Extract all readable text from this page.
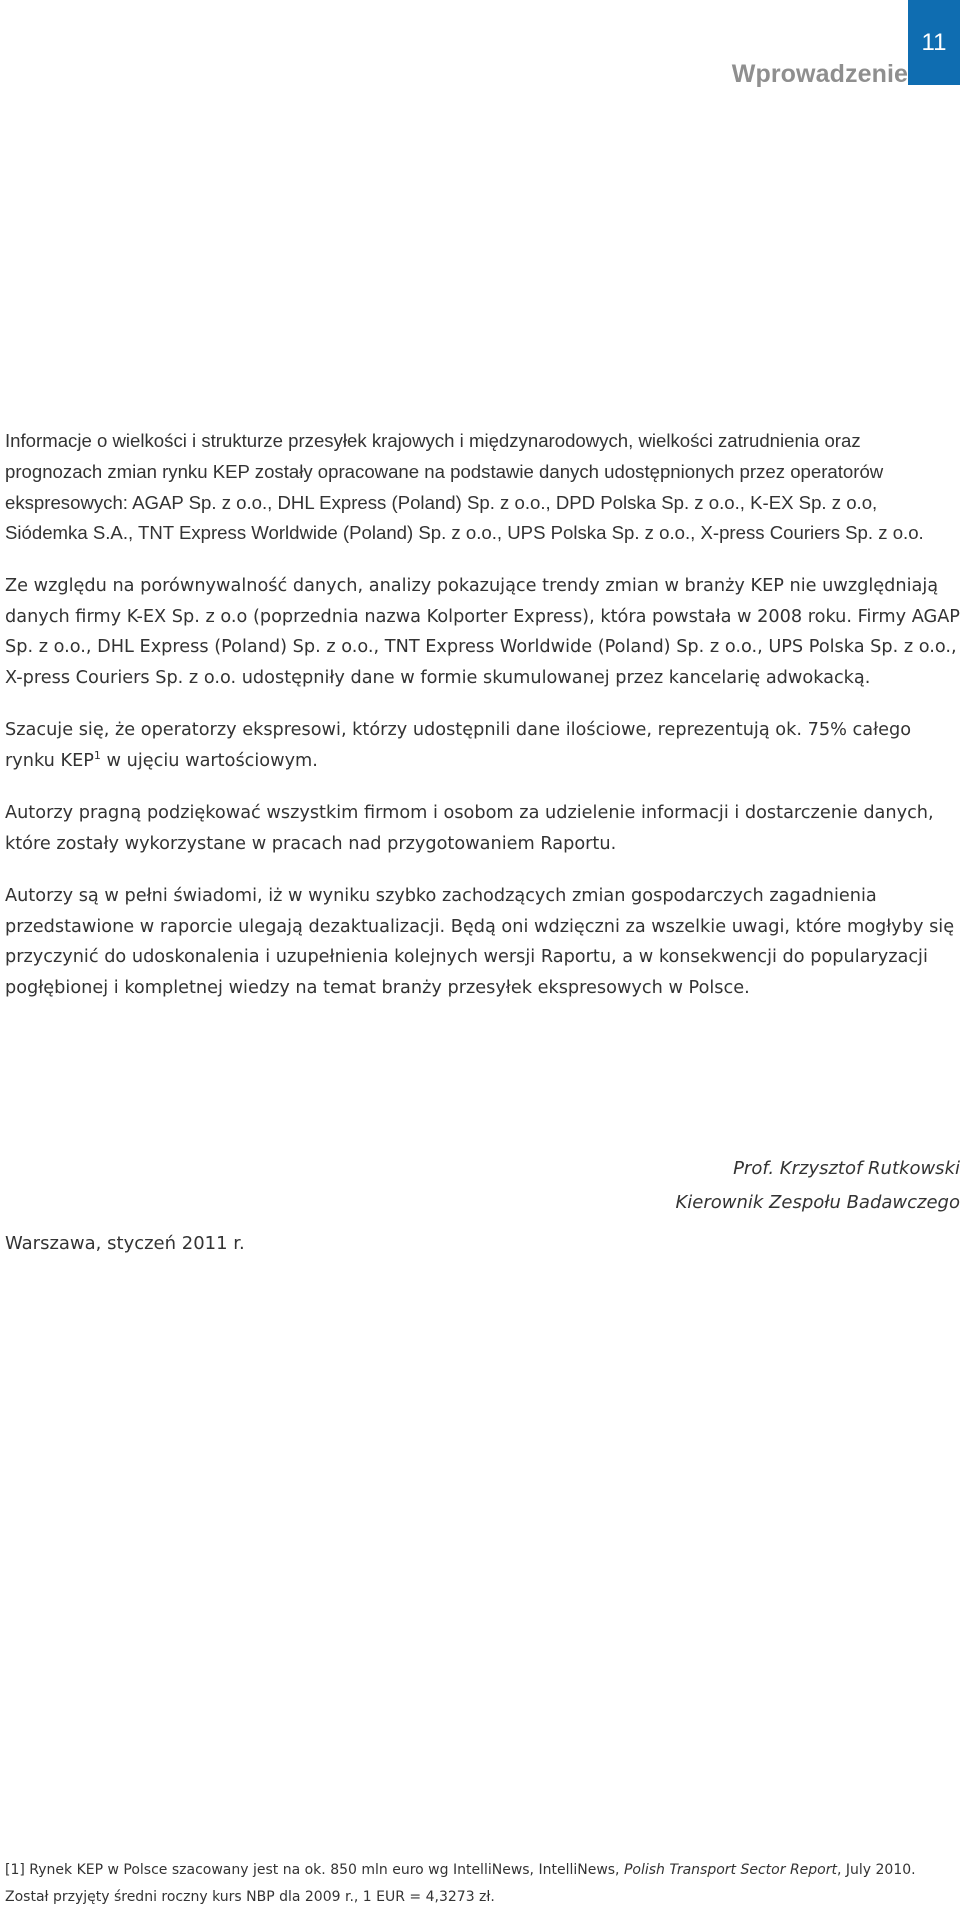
11
Wprowadzenie

Informacje o wielkości i strukturze przesyłek krajowych i międzynarodowych, wielkości zatrudnienia oraz prognozach zmian rynku KEP zostały opracowane na podstawie danych udostępnionych przez operatorów ekspresowych: AGAP Sp. z o.o., DHL Express (Poland) Sp. z o.o., DPD Polska Sp. z o.o., K-EX Sp. z o.o, Siódemka S.A., TNT Express Worldwide (Poland) Sp. z o.o., UPS Polska Sp. z o.o., X-press Couriers Sp. z o.o.

Ze względu na porównywalność danych, analizy pokazujące trendy zmian w branży KEP nie uwzględniają danych firmy K-EX Sp. z o.o (poprzednia nazwa Kolporter Express), która powstała w 2008 roku. Firmy AGAP Sp. z o.o., DHL Express (Poland) Sp. z o.o., TNT Express Worldwide (Poland) Sp. z o.o., UPS Polska Sp. z o.o., X-press Couriers Sp. z o.o. udostępniły dane w formie skumulowanej przez kancelarię adwokacką.

Szacuje się, że operatorzy ekspresowi, którzy udostępnili dane ilościowe, reprezentują ok. 75% całego rynku KEP$^1$ w ujęciu wartościowym.

Autorzy pragną podziękować wszystkim firmom i osobom za udzielenie informacji i dostarczenie danych, które zostały wykorzystane w pracach nad przygotowaniem Raportu.

Autorzy są w pełni świadomi, iż w wyniku szybko zachodzących zmian gospodarczych zagadnienia przedstawione w raporcie ulegają dezaktualizacji. Będą oni wdzięczni za wszelkie uwagi, które mogłyby się przyczynić do udoskonalenia i uzupełnienia kolejnych wersji Raportu, a w konsekwencji do popularyzacji pogłębionej i kompletnej wiedzy na temat branży przesyłek ekspresowych w Polsce.

Prof. Krzysztof Rutkowski
Kierownik Zespołu Badawczego
Warszawa, styczeń 2011 r.
[1] Rynek KEP w Polsce szacowany jest na ok. 850 mln euro wg IntelliNews, IntelliNews, Polish Transport Sector Report, July 2010.
Został przyjęty średni roczny kurs NBP dla 2009 r., 1 EUR = 4,3273 zł.
